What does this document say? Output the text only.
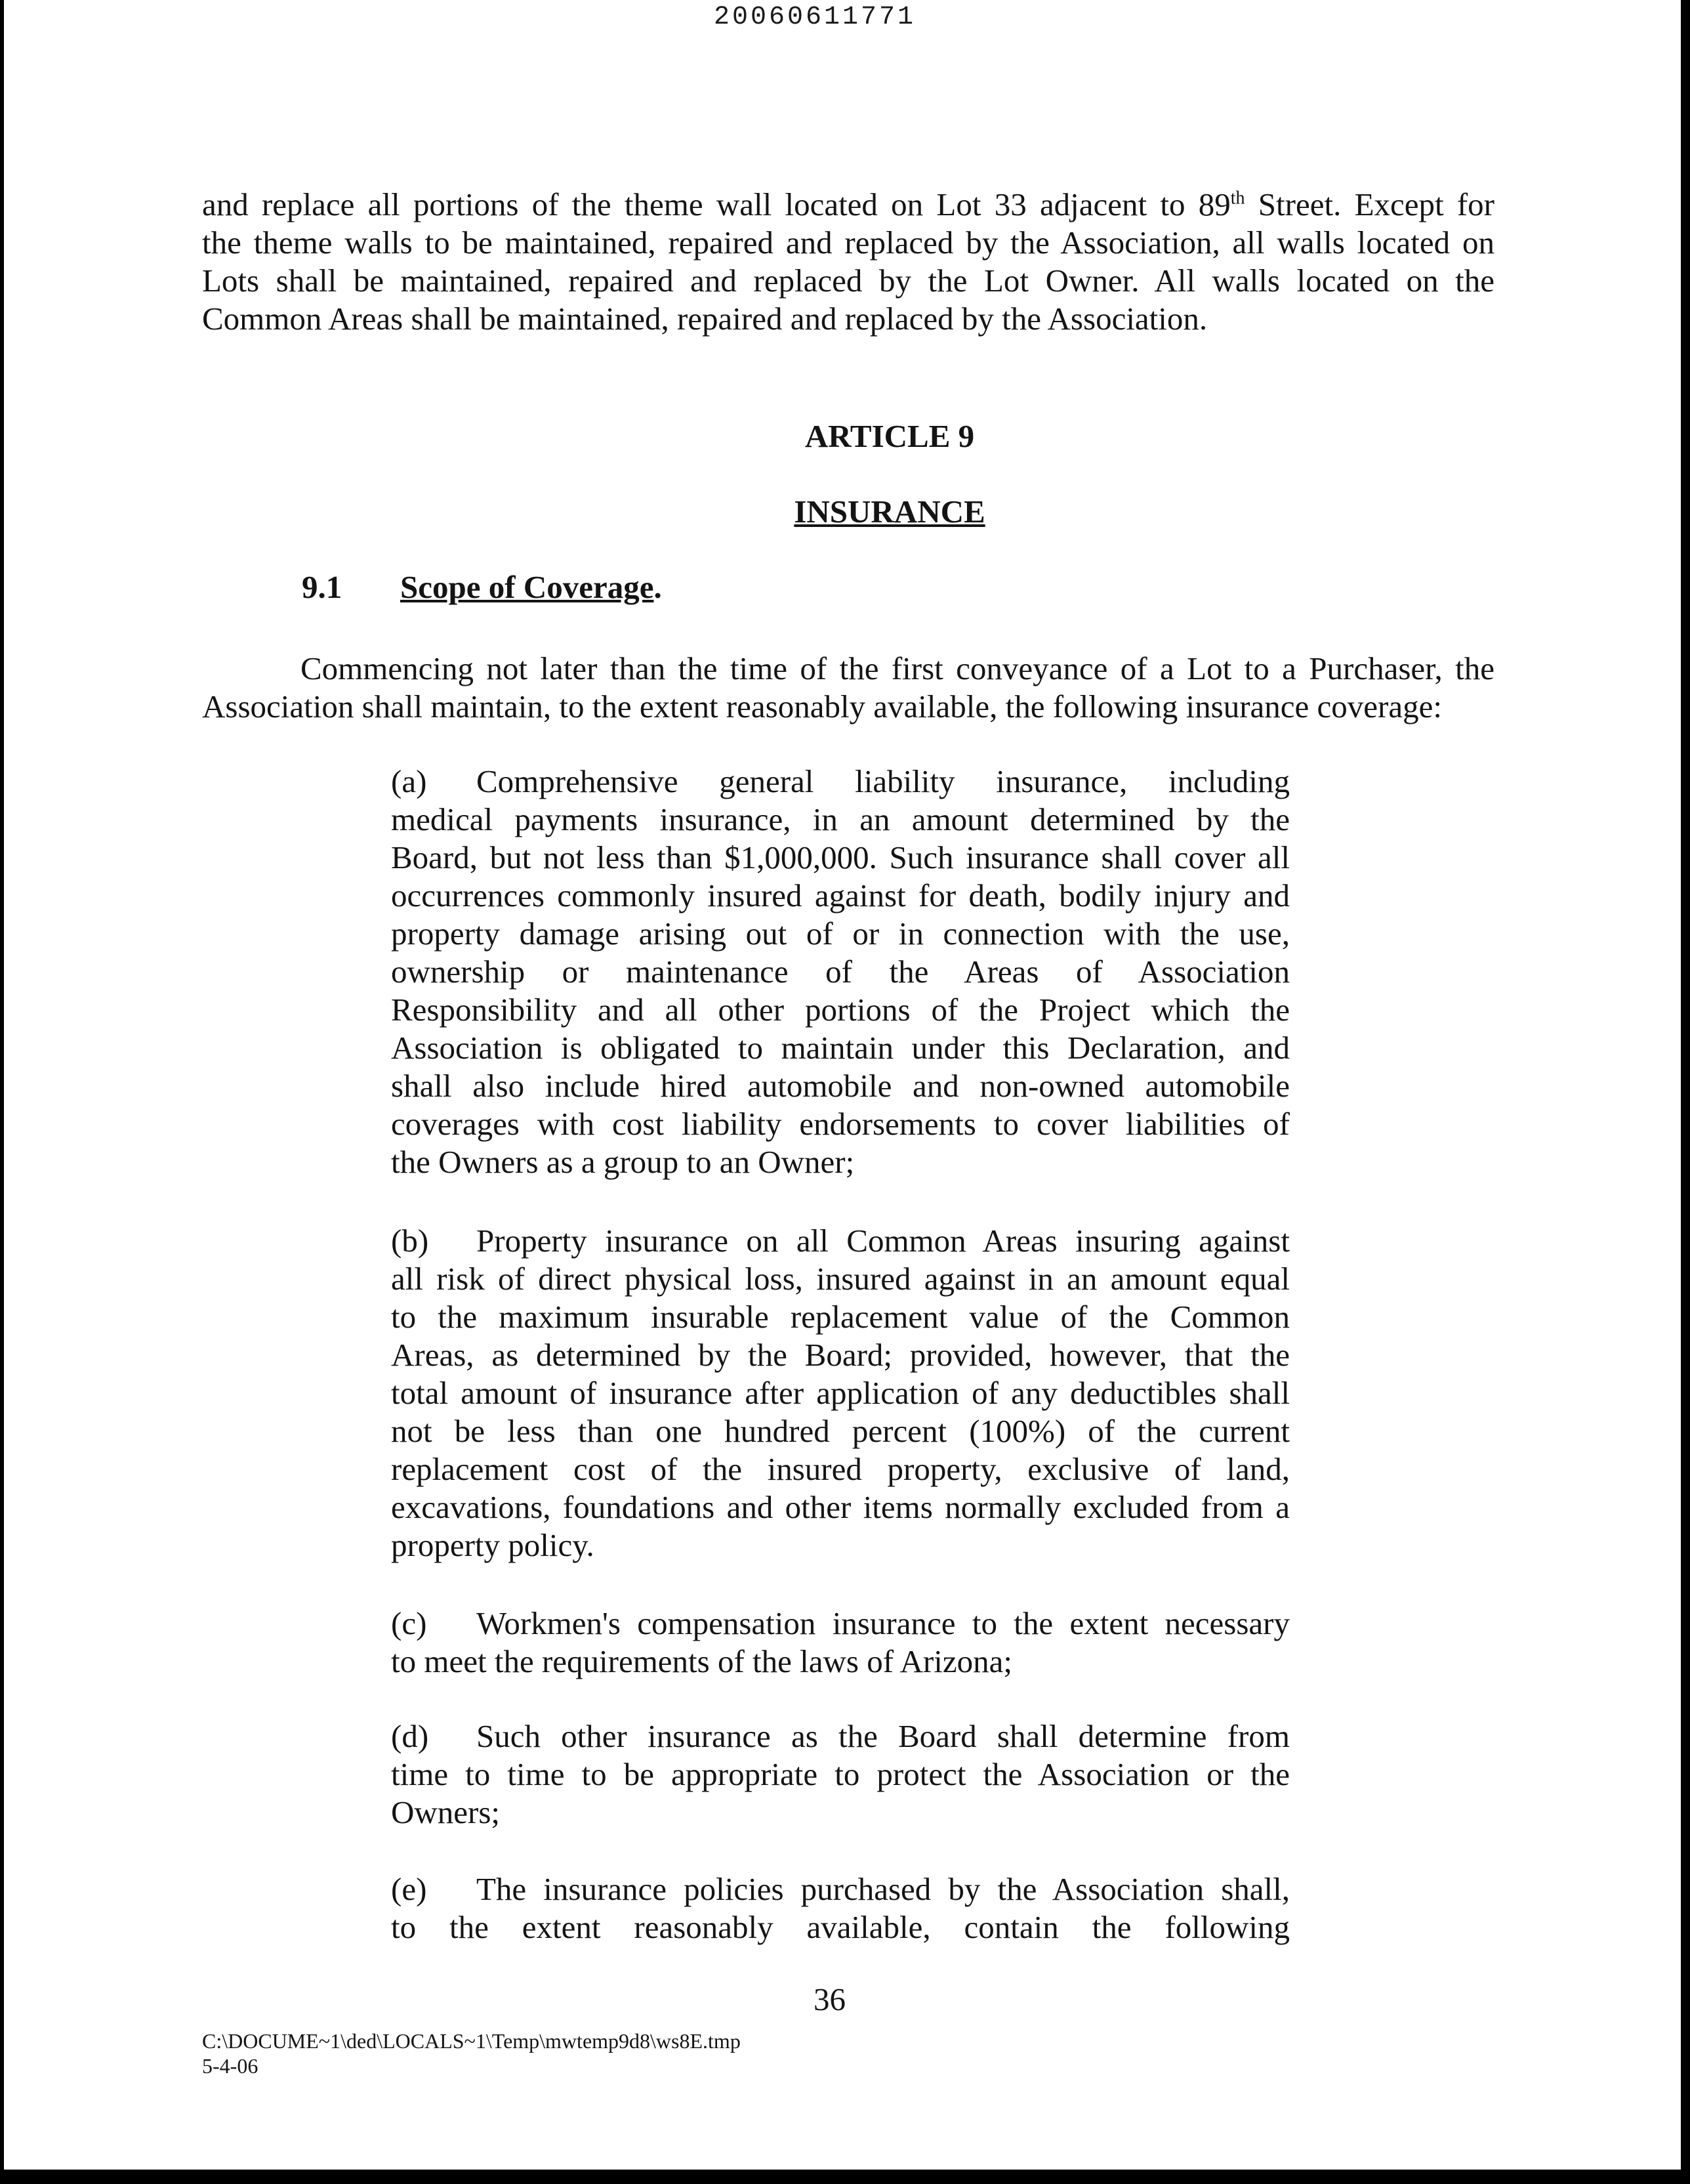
20060611771
and replace all portions of the theme wall located on Lot 33 adjacent to 89th Street. Except for
the theme walls to be maintained, repaired and replaced by the Association, all walls located on
Lots shall be maintained, repaired and replaced by the Lot Owner. All walls located on the
Common Areas shall be maintained, repaired and replaced by the Association.
ARTICLE 9
INSURANCE
9.1 Scope of Coverage.
Commencing not later than the time of the first conveyance of a Lot to a Purchaser, the
Association shall maintain, to the extent reasonably available, the following insurance coverage:
(a) Comprehensive general liability insurance, including
medical payments insurance, in an amount determined by the
Board, but not less than $1,000,000. Such insurance shall cover all
occurrences commonly insured against for death, bodily injury and
property damage arising out of or in connection with the use,
ownership or maintenance of the Areas of Association
Responsibility and all other portions of the Project which the
Association is obligated to maintain under this Declaration, and
shall also include hired automobile and non-owned automobile
coverages with cost liability endorsements to cover liabilities of
the Owners as a group to an Owner;
(b) Property insurance on all Common Areas insuring against
all risk of direct physical loss, insured against in an amount equal
to the maximum insurable replacement value of the Common
Areas, as determined by the Board; provided, however, that the
total amount of insurance after application of any deductibles shall
not be less than one hundred percent (100%) of the current
replacement cost of the insured property, exclusive of land,
excavations, foundations and other items normally excluded from a
property policy.
(c) Workmen's compensation insurance to the extent necessary
to meet the requirements of the laws of Arizona;
(d) Such other insurance as the Board shall determine from
time to time to be appropriate to protect the Association or the
Owners;
(e) The insurance policies purchased by the Association shall,
to the extent reasonably available, contain the following
36
C:\DOCUME~1\ded\LOCALS~1\Temp\mwtemp9d8\ws8E.tmp
5-4-06
